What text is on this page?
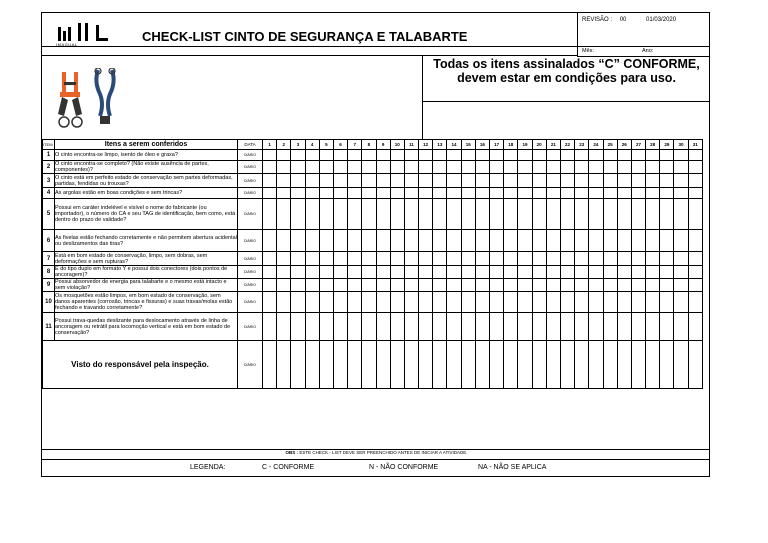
IMAGUAL
CHECK-LIST CINTO DE SEGURANÇA E TALABARTE
REVISÃO : 00	01/03/2020
Mês:	Ano:
Todas os itens assinalados “C” CONFORME,
devem estar em condições para uso.
ITEM	Itens a serem conferidos	DATA	1	2	3	4	5	6	7	8	9	10	11	12	13	14	15	16	17	18	19	20	21	22	23	24	25	26	27	28	29	30	31
1	O cinto encontra-se limpo, isento de óleo e graxa?	DIÁRIO																															
2	O cinto encontra-se completo? (Não existe ausência de partes, componentes)?	DIÁRIO																															
3	O cinto está em perfeito estado de conservação sem partes deformadas, partidas, fendidas ou trouxas?	DIÁRIO																															
4	As argolas estão em boas condições e sem trincas?	DIÁRIO																															
5	Possui em caráter indelével e visível o nome do fabricante (ou importador), o número do CA e seu TAG de identificação, bem como, está dentro do prazo de validade?	DIÁRIO																															
6	As fivelas estão fechando corretamente e não permitem abertura acidental ou deslizamentos das tiras?	DIÁRIO																															
7	Está em bom estado de conservação, limpo, sem dobras, sem deformações e sem rupturas?	DIÁRIO																															
8	É do tipo duplo em formato Y e possui dois conectores (dois pontos de ancoragem)?	DIÁRIO																															
9	Possui absorvedor de energia para talabarte e o mesmo está intacto e sem violação?	DIÁRIO																															
10	Os mosquetões estão limpos, em bom estado de conservação, sem danos aparentes (corrosão, trincas e fissuras) e suas travas/molas estão fechando e travando corretamente?	DIÁRIO																															
11	Possui trava-quedas deslizante para deslocamento através de linha de ancoragem ou retrátil para locomoção vertical e está em bom estado de conservação?	DIÁRIO																															
Visto do responsável pela inspeção.		DIÁRIO																															
OBS : ESTE CHECK - LIST DEVE SER PREENCHIDO ANTES DE INICIAR A ATIVIDADE.
LEGENDA:	C - CONFORME	N - NÃO CONFORME	NA - NÃO SE APLICA
